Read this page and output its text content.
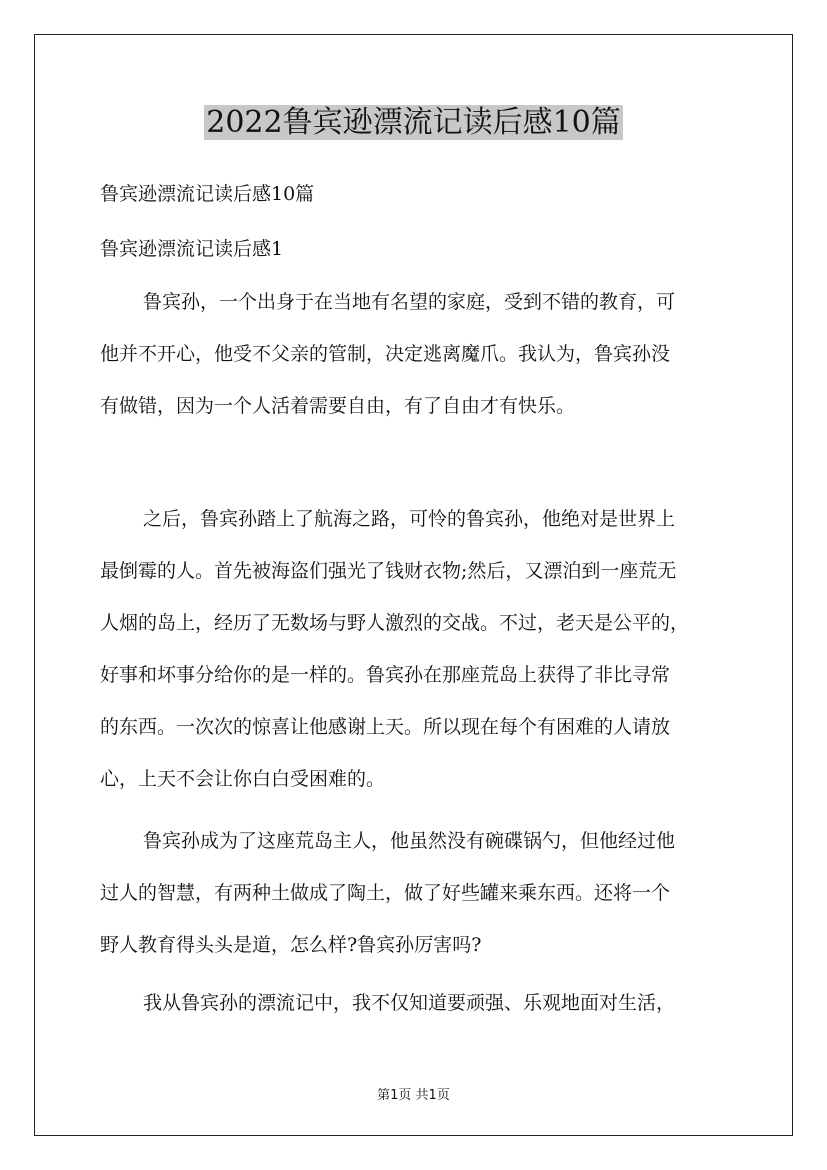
2022鲁宾逊漂流记读后感10篇
鲁宾逊漂流记读后感10篇
鲁宾逊漂流记读后感1
鲁宾孙，一个出身于在当地有名望的家庭，受到不错的教育，可
他并不开心，他受不父亲的管制，决定逃离魔爪。我认为，鲁宾孙没
有做错，因为一个人活着需要自由，有了自由才有快乐。
之后，鲁宾孙踏上了航海之路，可怜的鲁宾孙，他绝对是世界上
最倒霉的人。首先被海盗们强光了钱财衣物;然后，又漂泊到一座荒无
人烟的岛上，经历了无数场与野人激烈的交战。不过，老天是公平的，
好事和坏事分给你的是一样的。鲁宾孙在那座荒岛上获得了非比寻常
的东西。一次次的惊喜让他感谢上天。所以现在每个有困难的人请放
心，上天不会让你白白受困难的。
鲁宾孙成为了这座荒岛主人，他虽然没有碗碟锅勺，但他经过他
过人的智慧，有两种土做成了陶土，做了好些罐来乘东西。还将一个
野人教育得头头是道，怎么样?鲁宾孙厉害吗?
我从鲁宾孙的漂流记中，我不仅知道要顽强、乐观地面对生活，
第1页 共1页
